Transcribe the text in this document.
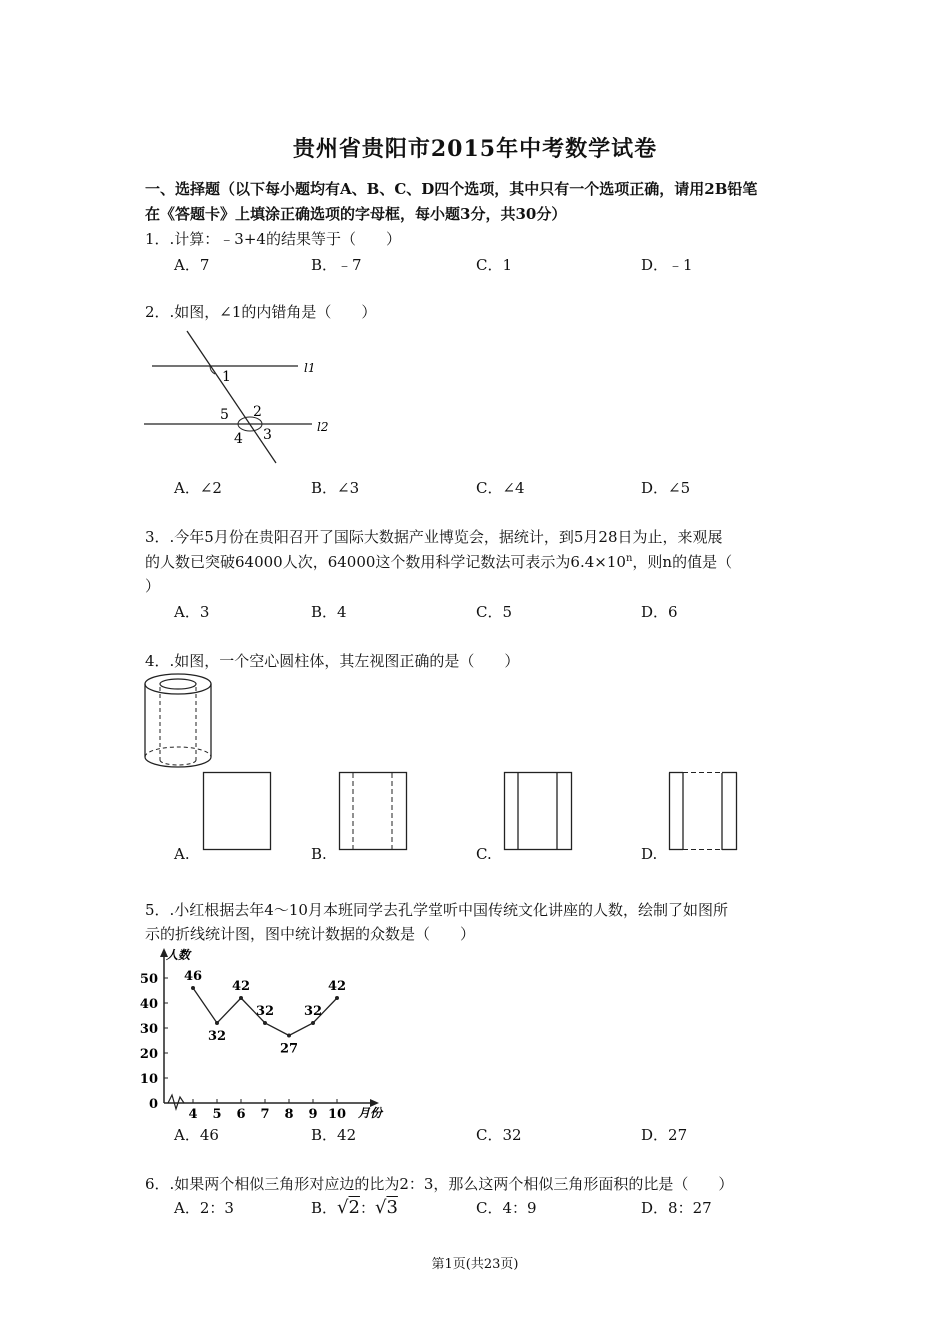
贵州省贵阳市2015年中考数学试卷
一、选择题（以下每小题均有A、B、C、D四个选项，其中只有一个选项正确，请用2B铅笔
在《答题卡》上填涂正确选项的字母框，每小题3分，共30分）
1．.计算：﹣3+4的结果等于（　　）
A．7	B．﹣7	C．1	D．﹣1
2．.如图，∠1的内错角是（　　）
1
2
3
4
5
l1
l2
A．∠2	B．∠3	C．∠4	D．∠5
3．.今年5月份在贵阳召开了国际大数据产业博览会，据统计，到5月28日为止，来观展
的人数已突破64000人次，64000这个数用科学记数法可表示为$6.4\times 10^n$，则n的值是（
）
A．3	B．4	C．5	D．6
4．.如图，一个空心圆柱体，其左视图正确的是（　　）
A.	B.	C.	D.
5．.小红根据去年4～10月本班同学去孔学堂听中国传统文化讲座的人数，绘制了如图所
示的折线统计图，图中统计数据的众数是（　　）
人数
月份
0
10
20
30
40
50
4 5 6 7 8 9 10
46
32
42
32
27
32
42
A．46	B．42	C．32	D．27
6．.如果两个相似三角形对应边的比为2：3，那么这两个相似三角形面积的比是（　　）
A．2：3	B．√2：√3	C．4：9	D．8：27
第1页(共23页)
